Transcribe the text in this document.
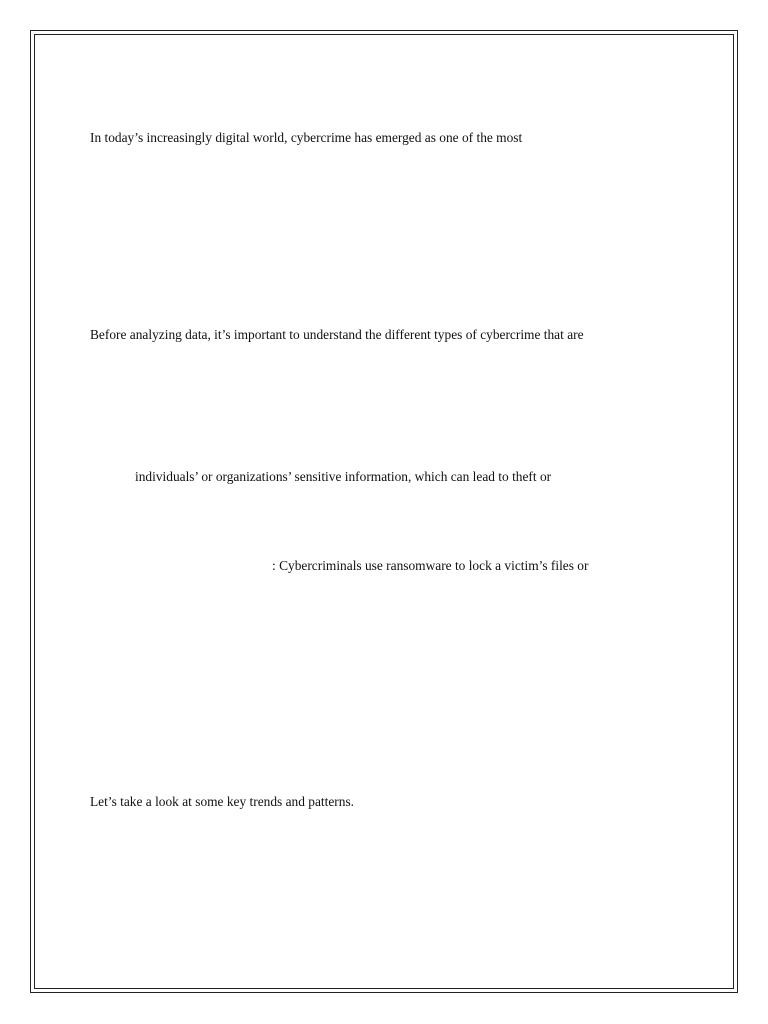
In today’s increasingly digital world, cybercrime has emerged as one of the most

Before analyzing data, it’s important to understand the different types of cybercrime that are

individuals’ or organizations’ sensitive information, which can lead to theft or

: Cybercriminals use ransomware to lock a victim’s files or

Let’s take a look at some key trends and patterns.
